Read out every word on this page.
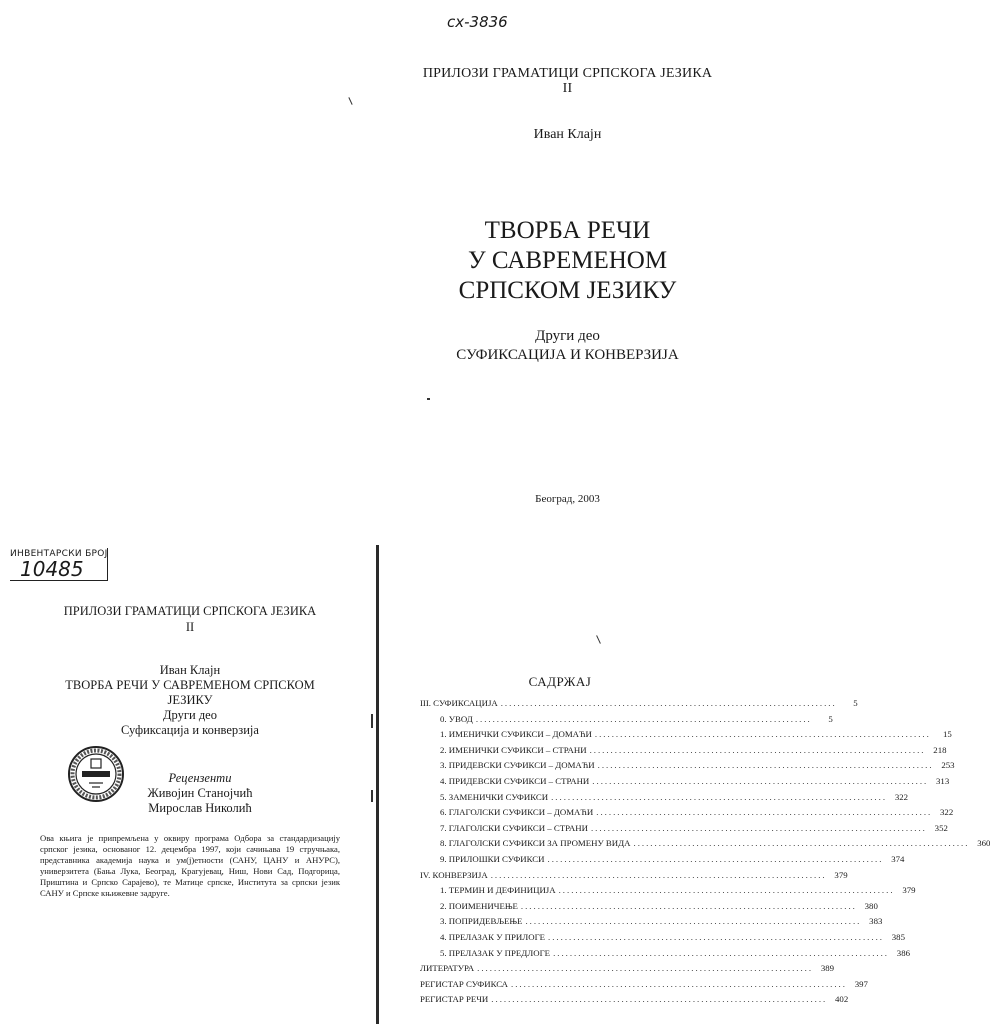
сх-3836
ПРИЛОЗИ ГРАМАТИЦИ СРПСКОГА ЈЕЗИКА
II
Иван Клајн
ТВОРБА РЕЧИ
У САВРЕМЕНОМ
СРПСКОМ ЈЕЗИКУ
Други део
СУФИКСАЦИЈА И КОНВЕРЗИЈА
Београд, 2003
ИНВЕНТАРСКИ БРОЈ
10485
ПРИЛОЗИ ГРАМАТИЦИ СРПСКОГА ЈЕЗИКА
II
Иван Клајн
ТВОРБА РЕЧИ У САВРЕМЕНОМ СРПСКОМ
ЈЕЗИКУ
Други део
Суфиксација и конверзија
Рецензенти
Живојин Станојчић
Мирослав Николић
Ова књига је припремљена у оквиру програма Одбора за стандардизацију српског језика, основаног 12. децембра 1997, који сачињава 19 стручњака, представника академија наука и ум(ј)етности (САНУ, ЦАНУ и АНУРС), универзитета (Бања Лука, Београд, Крагујевац, Ниш, Нови Сад, Подгорица, Приштина и Српско Сарајево), те Матице српске, Института за српски језик САНУ и Српске књижевне задруге.
САДРЖАЈ
III. СУФИКСАЦИЈА ................................................................................	5
0. УВОД ................................................................................	5
1. ИМЕНИЧКИ СУФИКСИ – ДОМАЋИ ................................................................................	15
2. ИМЕНИЧКИ СУФИКСИ – СТРАНИ ................................................................................ 218
3. ПРИДЕВСКИ СУФИКСИ – ДОМАЋИ ................................................................................ 253
4. ПРИДЕВСКИ СУФИКСИ – СТРАНИ ................................................................................ 313
5. ЗАМЕНИЧКИ СУФИКСИ ................................................................................ 322
6. ГЛАГОЛСКИ СУФИКСИ – ДОМАЋИ ................................................................................ 322
7. ГЛАГОЛСКИ СУФИКСИ – СТРАНИ ................................................................................ 352
8. ГЛАГОЛСКИ СУФИКСИ ЗА ПРОМЕНУ ВИДА ................................................................................ 360
9. ПРИЛОШКИ СУФИКСИ ................................................................................ 374
IV. КОНВЕРЗИЈА ................................................................................ 379
1. ТЕРМИН И ДЕФИНИЦИЈА ................................................................................ 379
2. ПОИМЕНИЧЕЊЕ ................................................................................ 380
3. ПОПРИДЕВЉЕЊЕ ................................................................................ 383
4. ПРЕЛАЗАК У ПРИЛОГЕ ................................................................................ 385
5. ПРЕЛАЗАК У ПРЕДЛОГЕ ................................................................................ 386
ЛИТЕРАТУРА ................................................................................ 389
РЕГИСТАР СУФИКСА ................................................................................ 397
РЕГИСТАР РЕЧИ ................................................................................ 402
